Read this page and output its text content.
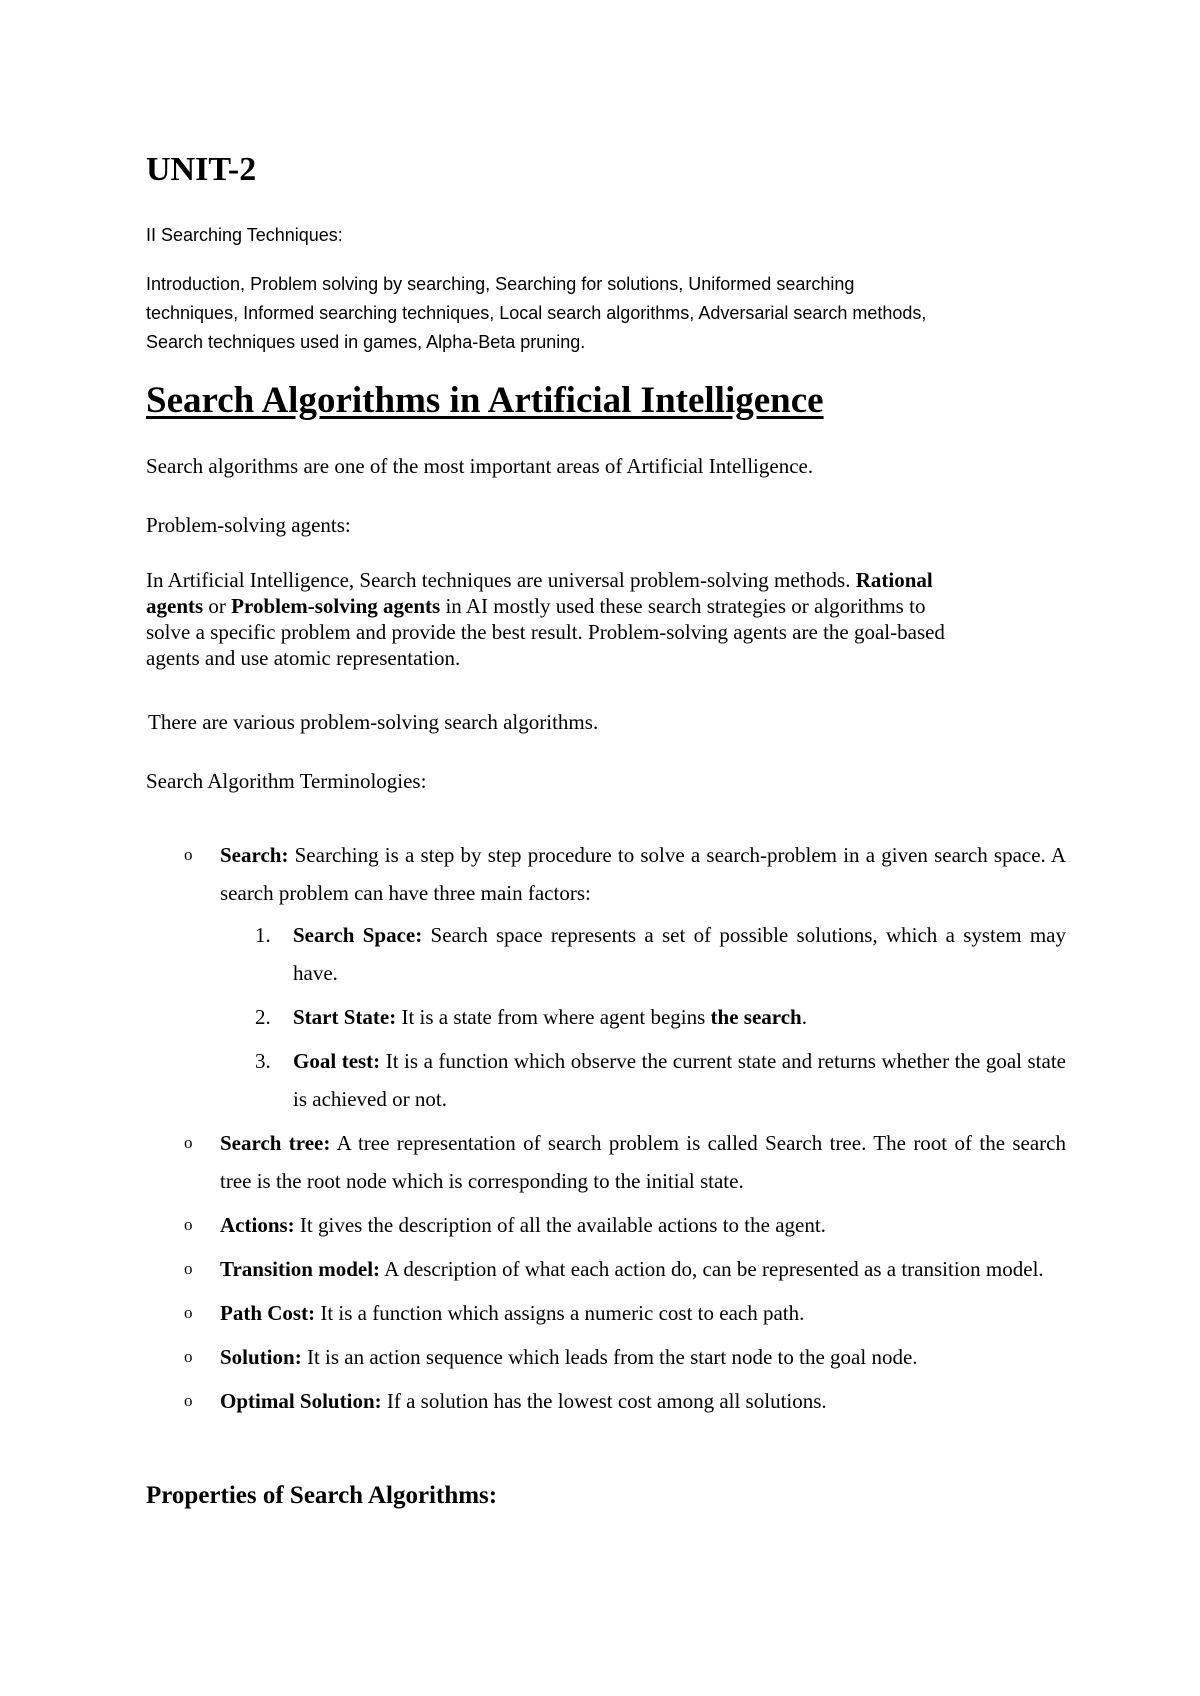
UNIT-2
II Searching Techniques:
Introduction, Problem solving by searching, Searching for solutions, Uniformed searching
techniques, Informed searching techniques, Local search algorithms, Adversarial search methods,
Search techniques used in games, Alpha-Beta pruning.
Search Algorithms in Artificial Intelligence
Search algorithms are one of the most important areas of Artificial Intelligence.
Problem-solving agents:
In Artificial Intelligence, Search techniques are universal problem-solving methods. Rational
agents or Problem-solving agents in AI mostly used these search strategies or algorithms to
solve a specific problem and provide the best result. Problem-solving agents are the goal-based
agents and use atomic representation.
There are various problem-solving search algorithms.
Search Algorithm Terminologies:
o Search: Searching is a step by step procedure to solve a search-problem in a given search space. A search problem can have three main factors:
1. Search Space: Search space represents a set of possible solutions, which a system may have.
2. Start State: It is a state from where agent begins the search.
3. Goal test: It is a function which observe the current state and returns whether the goal state is achieved or not.
o Search tree: A tree representation of search problem is called Search tree. The root of the search tree is the root node which is corresponding to the initial state.
o Actions: It gives the description of all the available actions to the agent.
o Transition model: A description of what each action do, can be represented as a transition model.
o Path Cost: It is a function which assigns a numeric cost to each path.
o Solution: It is an action sequence which leads from the start node to the goal node.
o Optimal Solution: If a solution has the lowest cost among all solutions.
Properties of Search Algorithms:
